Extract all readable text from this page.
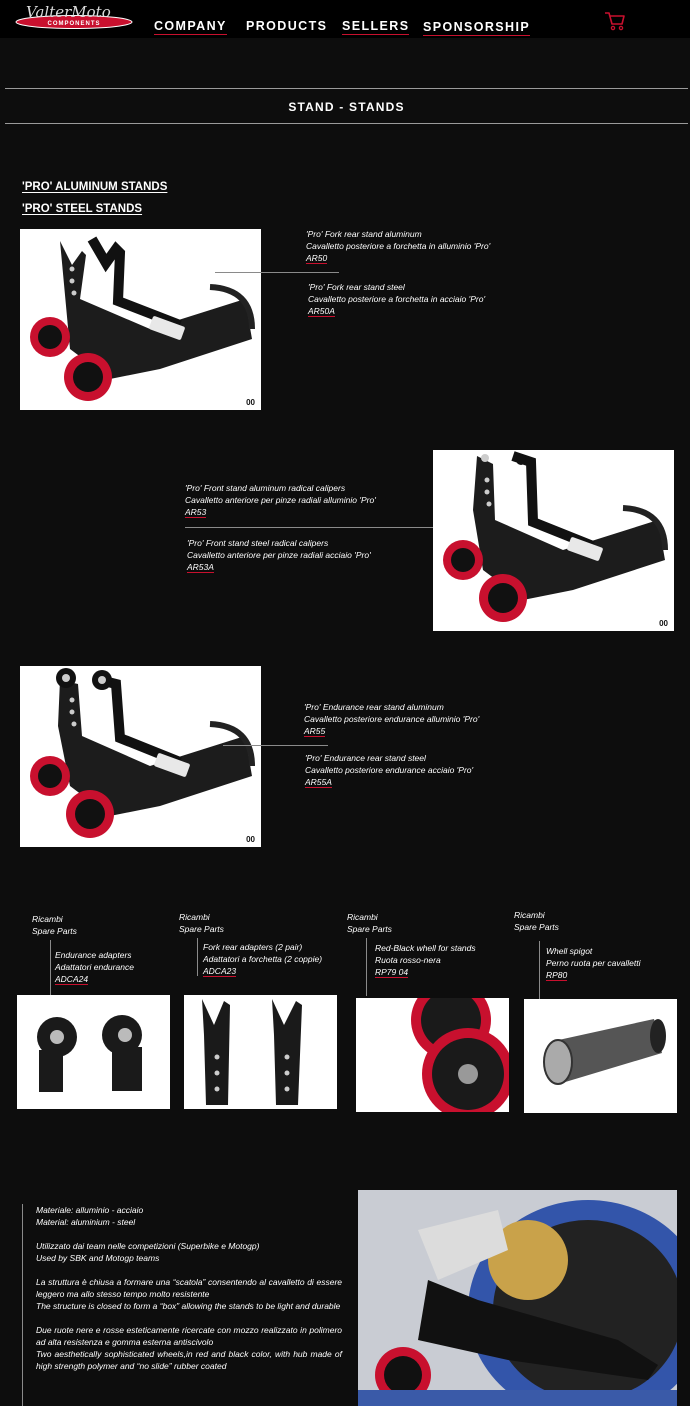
COMPONENTS
ValterMoto
COMPANY PRODUCTS SELLERS SPONSORSHIP
STAND - STANDS
'PRO' ALUMINUM STANDS
'PRO' STEEL STANDS
00
'Pro' Fork rear stand aluminum
Cavalletto posteriore a forchetta in alluminio 'Pro'
AR50
'Pro' Fork rear stand steel
Cavalletto posteriore a forchetta in acciaio 'Pro'
AR50A
'Pro' Front stand aluminum radical calipers
Cavalletto anteriore per pinze radiali alluminio 'Pro'
AR53
'Pro' Front stand steel radical calipers
Cavalletto anteriore per pinze radiali acciaio 'Pro'
AR53A
00
00
'Pro' Endurance rear stand aluminum
Cavalletto posteriore endurance alluminio 'Pro'
AR55
'Pro' Endurance rear stand steel
Cavalletto posteriore endurance acciaio 'Pro'
AR55A
Ricambi
Spare Parts
Endurance adapters
Adattatori endurance
ADCA24
Ricambi
Spare Parts
Fork rear adapters (2 pair)
Adattatori a forchetta (2 coppie)
ADCA23
Ricambi
Spare Parts
Red-Black whell for stands
Ruota rosso-nera
RP79 04
Ricambi
Spare Parts
Whell spigot
Perno ruota per cavalletti
RP80
Materiale: alluminio - acciaio
Material: aluminium - steel
Utilizzato dai team nelle competizioni (Superbike e Motogp)
Used by SBK and Motogp teams
La struttura è chiusa a formare una “scatola” consentendo al cavalletto di essere leggero ma allo stesso tempo molto resistente
The structure is closed to form a “box” allowing the stands to be light and durable
Due ruote nere e rosse esteticamente ricercate con mozzo realizzato in polimero ad alta resistenza e gomma esterna antiscivolo
Two aesthetically sophisticated wheels,in red and black color, with hub made of high strength polymer and “no slide” rubber coated
